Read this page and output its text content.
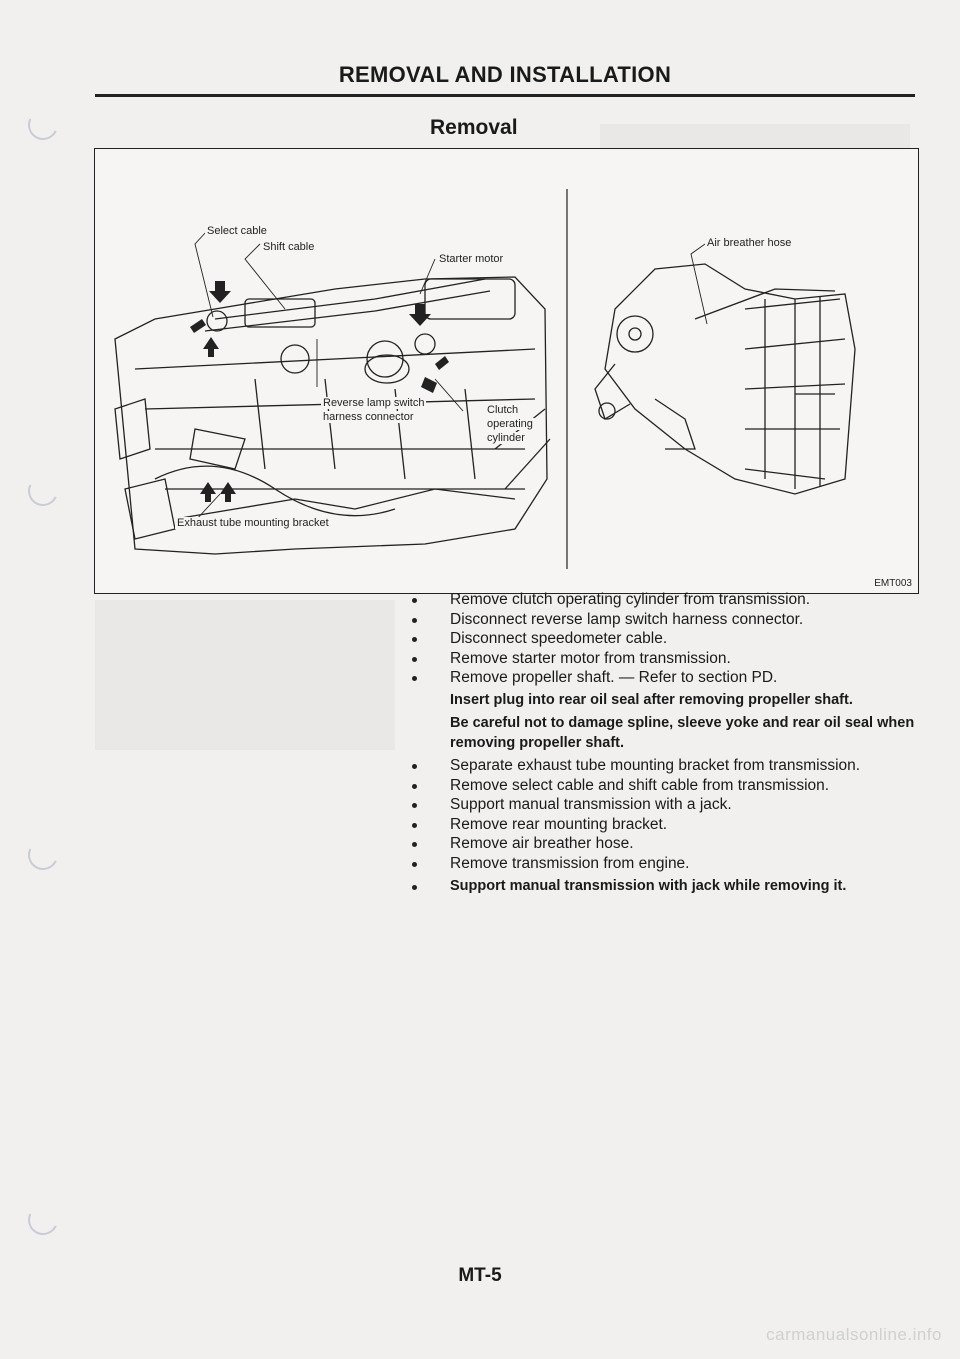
REMOVAL AND INSTALLATION
Removal
Select cable
Shift cable
Starter motor
Reverse lamp switch
harness connector
Clutch
operating
cylinder
Exhaust tube mounting bracket
Air breather hose
EMT003
Remove clutch operating cylinder from transmission.
Disconnect reverse lamp switch harness connector.
Disconnect speedometer cable.
Remove starter motor from transmission.
Remove propeller shaft. — Refer to section PD.
Insert plug into rear oil seal after removing propeller shaft.
Be careful not to damage spline, sleeve yoke and rear oil seal when removing propeller shaft.
Separate exhaust tube mounting bracket from transmission.
Remove select cable and shift cable from transmission.
Support manual transmission with a jack.
Remove rear mounting bracket.
Remove air breather hose.
Remove transmission from engine.
Support manual transmission with jack while removing it.
MT-5
carmanualsonline.info
